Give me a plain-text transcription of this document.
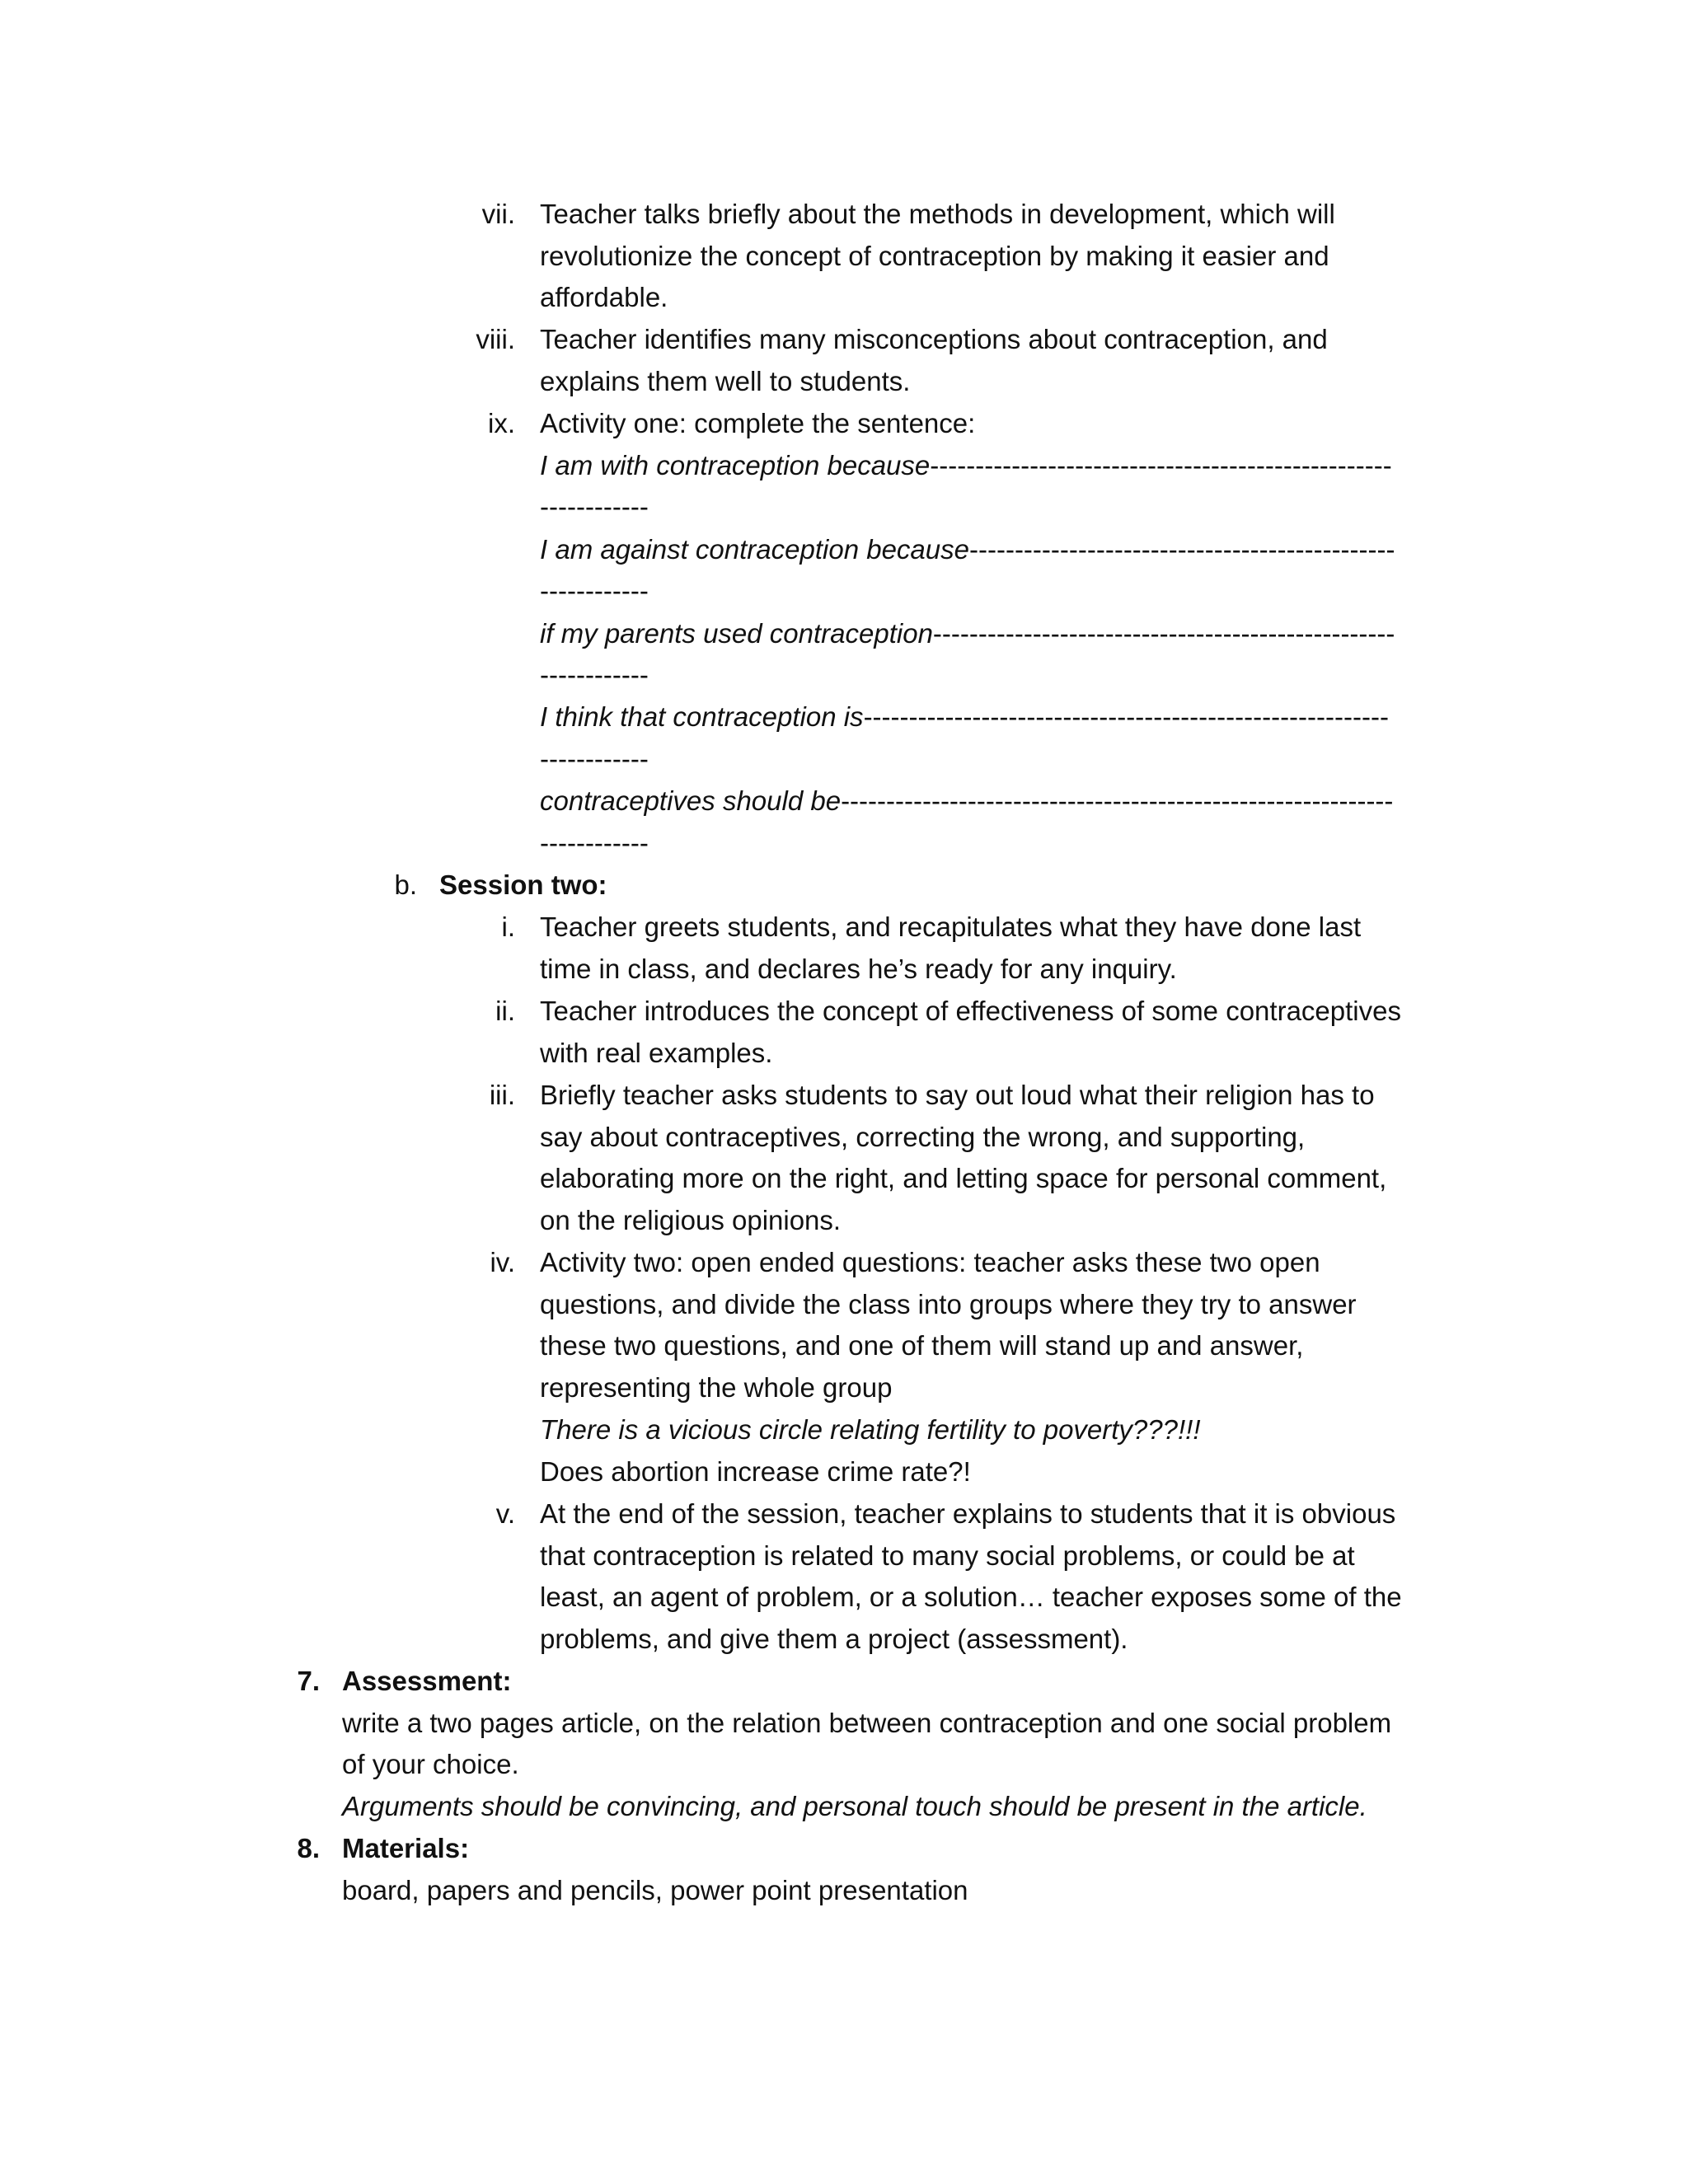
vii. Teacher talks briefly about the methods in development, which will
revolutionize the concept of contraception by making it easier and
affordable.
viii. Teacher identifies many misconceptions about contraception, and
explains them well to students.
ix. Activity one: complete the sentence:
I am with contraception because---------------------------------------------------
------------
I am against contraception because-----------------------------------------------
------------
if my parents used contraception---------------------------------------------------
------------
I think that contraception is----------------------------------------------------------
------------
contraceptives should be-------------------------------------------------------------
------------
b. Session two:
i. Teacher greets students, and recapitulates what they have done last
time in class, and declares he’s ready for any inquiry.
ii. Teacher introduces the concept of effectiveness of some contraceptives
with real examples.
iii. Briefly teacher asks students to say out loud what their religion has to
say about contraceptives, correcting the wrong, and supporting,
elaborating more on the right, and letting space for personal comment,
on the religious opinions.
iv. Activity two: open ended questions: teacher asks these two open
questions, and divide the class into groups where they try to answer
these two questions, and one of them will stand up and answer,
representing the whole group
There is a vicious circle relating fertility to poverty???!!!
Does abortion increase crime rate?!
v. At the end of the session, teacher explains to students that it is obvious
that contraception is related to many social problems, or could be at
least, an agent of problem, or a solution… teacher exposes some of the
problems, and give them a project (assessment).
7. Assessment:
write a two pages article, on the relation between contraception and one social problem
of your choice.
Arguments should be convincing, and personal touch should be present in the article.
8. Materials:
board, papers and pencils, power point presentation
